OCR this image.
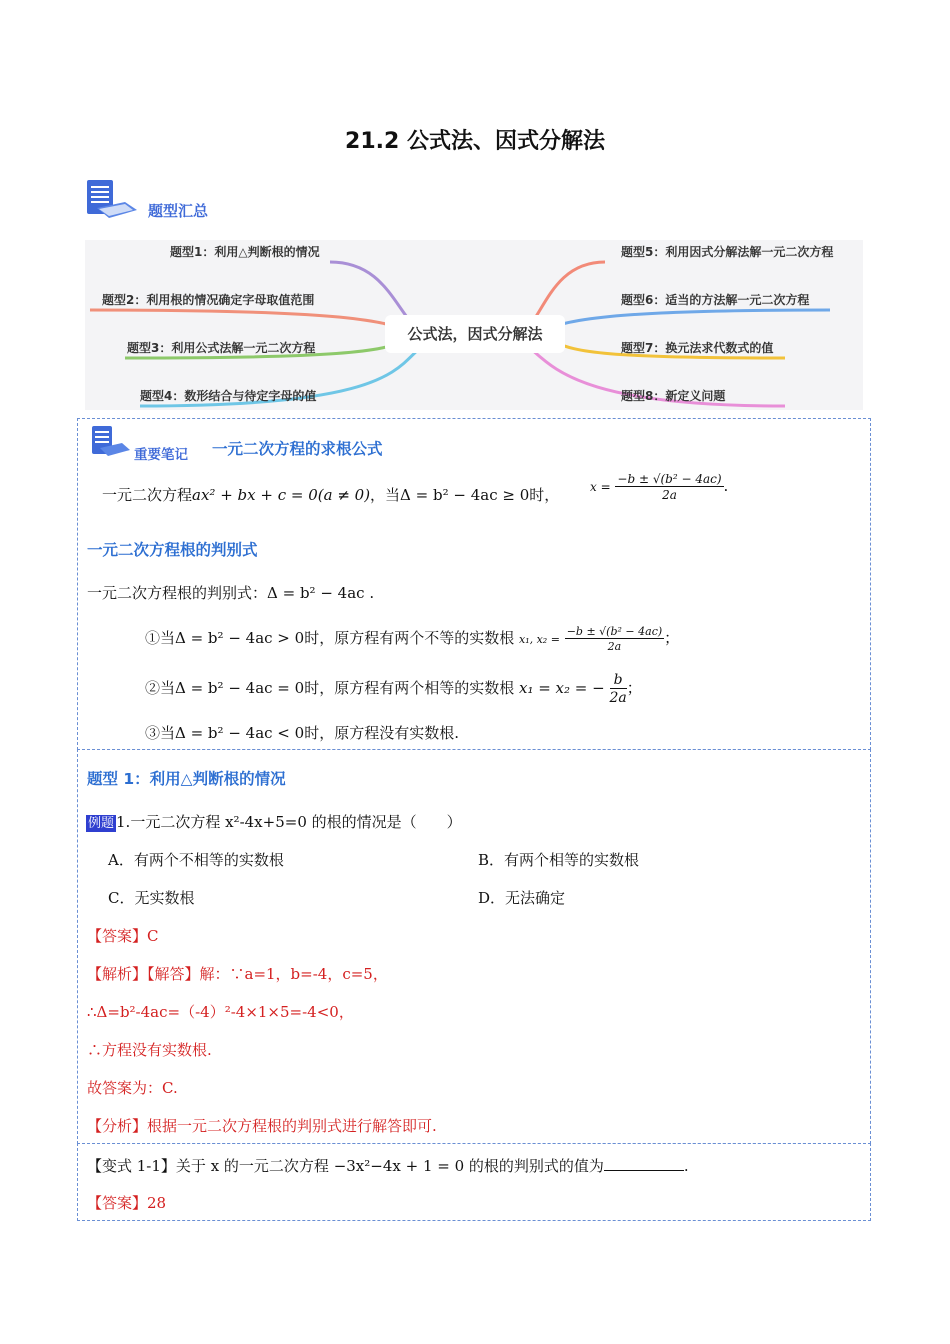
21.2 公式法、因式分解法
题型汇总
公式法，因式分解法
题型1：利用△判断根的情况
题型2：利用根的情况确定字母取值范围
题型3：利用公式法解一元二次方程
题型4：数形结合与待定字母的值
题型5：利用因式分解法解一元二次方程
题型6：适当的方法解一元二次方程
题型7：换元法求代数式的值
题型8：新定义问题
重要笔记 一元二次方程的求根公式
一元二次方程ax² + bx + c = 0(a ≠ 0)，当Δ = b² − 4ac ≥ 0时，	$x = \frac{\text{−b ± √(b² − 4ac)}}{2a}$ .
一元二次方程根的判别式
一元二次方程根的判别式：Δ = b² − 4ac .
①当Δ = b² − 4ac > 0时，原方程有两个不等的实数根 x₁, $x_2 = \frac{\text{−b ± √(b² − 4ac)}}{2a}$ ；
②当Δ = b² − 4ac = 0时，原方程有两个相等的实数根 x₁ = x₂ = − $\frac{b}{2a}$ ；
③当Δ = b² − 4ac < 0时，原方程没有实数根.
题型 1：利用△判断根的情况
例题 1.一元二次方程 x²-4x+5=0 的根的情况是（　　）
A．有两个不相等的实数根	B．有两个相等的实数根
C．无实数根	D．无法确定
【答案】C
【解析】【解答】解：∵a=1，b=-4，c=5，
∴Δ=b²-4ac=（-4）²-4×1×5=-4<0，
∴方程没有实数根.
故答案为：C.
【分析】根据一元二次方程根的判别式进行解答即可.
【变式 1-1】关于 x 的一元二次方程 −3x²−4x + 1 = 0 的根的判别式的值为	.
【答案】28
